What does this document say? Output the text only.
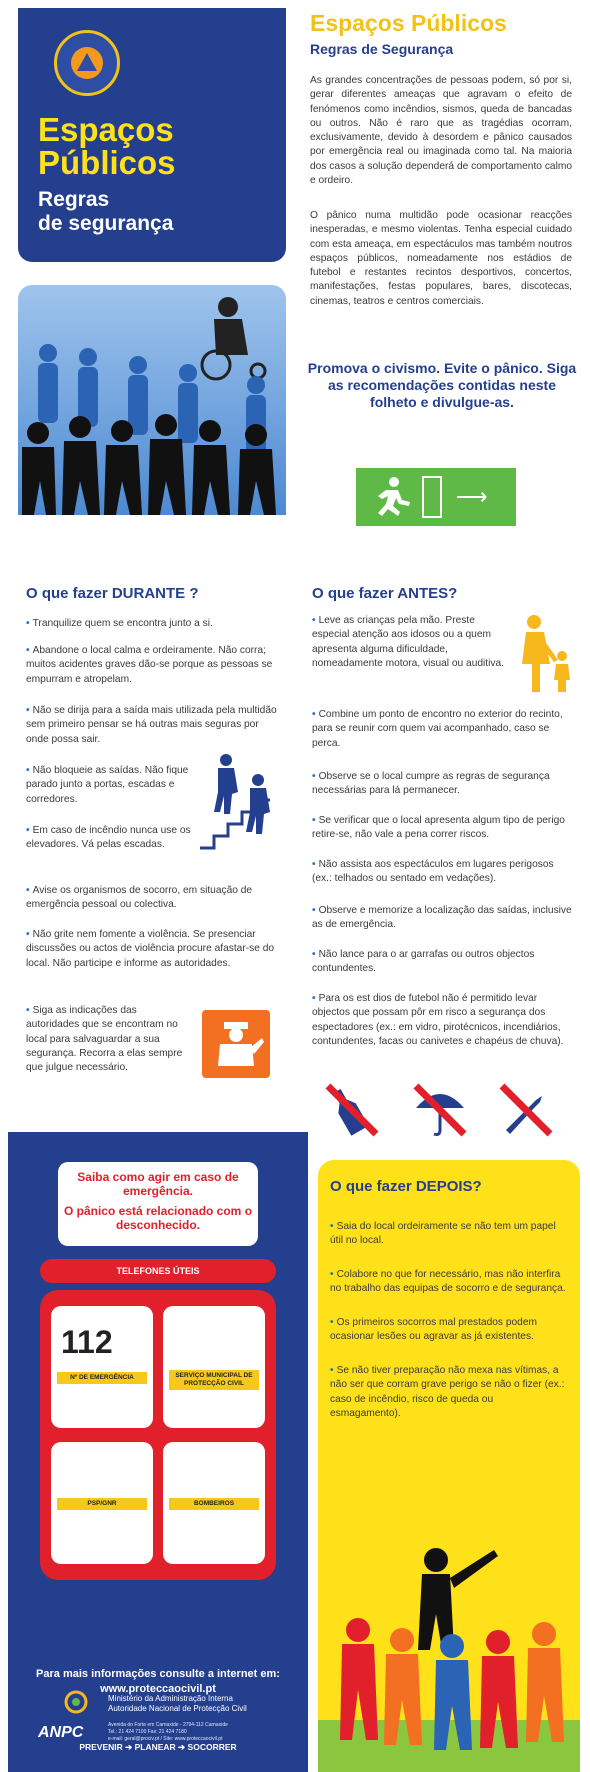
Espaços
Públicos
Regras
de segurança
Espaços Públicos
Regras de Segurança
As grandes concentrações de pessoas podem, só por si, gerar diferentes ameaças que agravam o efeito de fenómenos como incêndios, sismos, queda de bancadas ou outros. Não é raro que as tragédias ocorram, exclusivamente, devido à desordem e pânico causados por emergência real ou imaginada como tal. Na maioria dos casos a solução dependerá de comportamento calmo e ordeiro.
O pânico numa multidão pode ocasionar reacções inesperadas, e mesmo violentas. Tenha especial cuidado com esta ameaça, em espectáculos mas também noutros espaços públicos, nomeadamente nos estádios de futebol e restantes recintos desportivos, concertos, manifestações, festas populares, bares, discotecas, cinemas, teatros e centros comerciais.
Promova o civismo. Evite o pânico. Siga as recomendações contidas neste folheto e divulgue-as.
⟶
O que fazer DURANTE ?
• Tranquilize quem se encontra junto a si.
• Abandone o local calma e ordeiramente. Não corra; muitos acidentes graves dão-se porque as pessoas se empurram e atropelam.
• Não se dirija para a saída mais utilizada pela multidão sem primeiro pensar se há outras mais seguras por onde possa sair.
• Não bloqueie as saídas. Não fique parado junto a portas, escadas e corredores.
• Em caso de incêndio nunca use os elevadores. Vá pelas escadas.
• Avise os organismos de socorro, em situação de emergência pessoal ou colectiva.
• Não grite nem fomente a violência. Se presenciar discussões ou actos de violência procure afastar-se do local. Não participe e informe as autoridades.
• Siga as indicações das autoridades que se encontram no local para salvaguardar a sua segurança. Recorra a elas sempre que julgue necessário.
O que fazer ANTES?
• Leve as crianças pela mão. Preste especial atenção aos idosos ou a quem apresenta alguma dificuldade, nomeadamente motora, visual ou auditiva.
• Combine um ponto de encontro no exterior do recinto, para se reunir com quem vai acompanhado, caso se perca.
• Observe se o local cumpre as regras de segurança necessárias para lá permanecer.
• Se verificar que o local apresenta algum tipo de perigo retire-se, não vale a pena correr riscos.
• Não assista aos espectáculos em lugares perigosos (ex.: telhados ou sentado em vedações).
• Observe e memorize a localização das saídas, inclusive as de emergência.
• Não lance para o ar garrafas ou outros objectos contundentes.
• Para os est dios de futebol não é permitido levar objectos que possam pôr em risco a segurança dos espectadores (ex.: em vidro, pirotécnicos, incendiários, contundentes, facas ou canivetes e chapéus de chuva).
Saiba como agir em caso de emergência.
O pânico está relacionado com o desconhecido.
TELEFONES ÚTEIS
112
Nº DE EMERGÊNCIA	SERVIÇO MUNICIPAL DE PROTECÇÃO CIVIL
PSP/GNR	BOMBEIROS
Para mais informações consulte a internet em:
www.proteccaocivil.pt
PREVENIR ➔ PLANEAR ➔ SOCORRER
ANPC
Ministério da Administração Interna
Autoridade Nacional de Protecção Civil
Avenida do Forte em Carnaxide - 2794-112 Carnaxide
Tel.: 21 424 7100 Fax: 21 424 7180
e-mail: geral@prociv.pt / Site: www.proteccaocivil.pt
O que fazer DEPOIS?
• Saia do local ordeiramente se não tem um papel útil no local.
• Colabore no que for necessário, mas não interfira no trabalho das equipas de socorro e de segurança.
• Os primeiros socorros mal prestados podem ocasionar lesões ou agravar as já existentes.
• Se não tiver preparação não mexa nas vítimas, a não ser que corram grave perigo se não o fizer (ex.: caso de incêndio, risco de queda ou esmagamento).
